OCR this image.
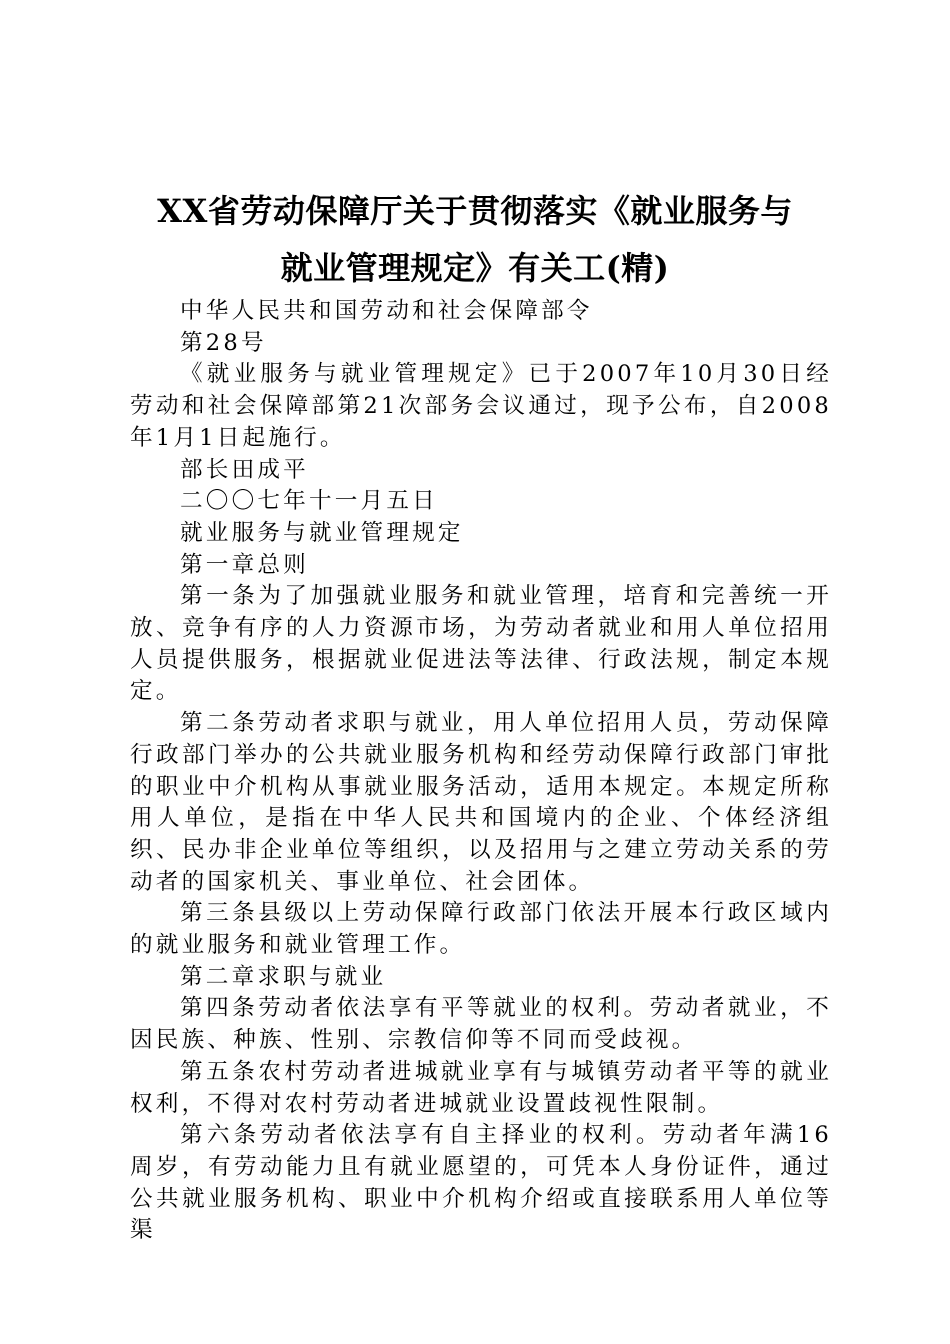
XX省劳动保障厅关于贯彻落实《就业服务与
就业管理规定》有关工(精)

中华人民共和国劳动和社会保障部令

第28号

《就业服务与就业管理规定》已于2007年10月30日经劳动和社会保障部第21次部务会议通过，现予公布，自2008年1月1日起施行。

部长田成平

二〇〇七年十一月五日

就业服务与就业管理规定

第一章总则

第一条为了加强就业服务和就业管理，培育和完善统一开放、竞争有序的人力资源市场，为劳动者就业和用人单位招用人员提供服务，根据就业促进法等法律、行政法规，制定本规定。

第二条劳动者求职与就业，用人单位招用人员，劳动保障行政部门举办的公共就业服务机构和经劳动保障行政部门审批的职业中介机构从事就业服务活动，适用本规定。本规定所称用人单位，是指在中华人民共和国境内的企业、个体经济组织、民办非企业单位等组织，以及招用与之建立劳动关系的劳动者的国家机关、事业单位、社会团体。

第三条县级以上劳动保障行政部门依法开展本行政区域内的就业服务和就业管理工作。

第二章求职与就业

第四条劳动者依法享有平等就业的权利。劳动者就业，不因民族、种族、性别、宗教信仰等不同而受歧视。

第五条农村劳动者进城就业享有与城镇劳动者平等的就业权利，不得对农村劳动者进城就业设置歧视性限制。

第六条劳动者依法享有自主择业的权利。劳动者年满16周岁，有劳动能力且有就业愿望的，可凭本人身份证件，通过公共就业服务机构、职业中介机构介绍或直接联系用人单位等渠
